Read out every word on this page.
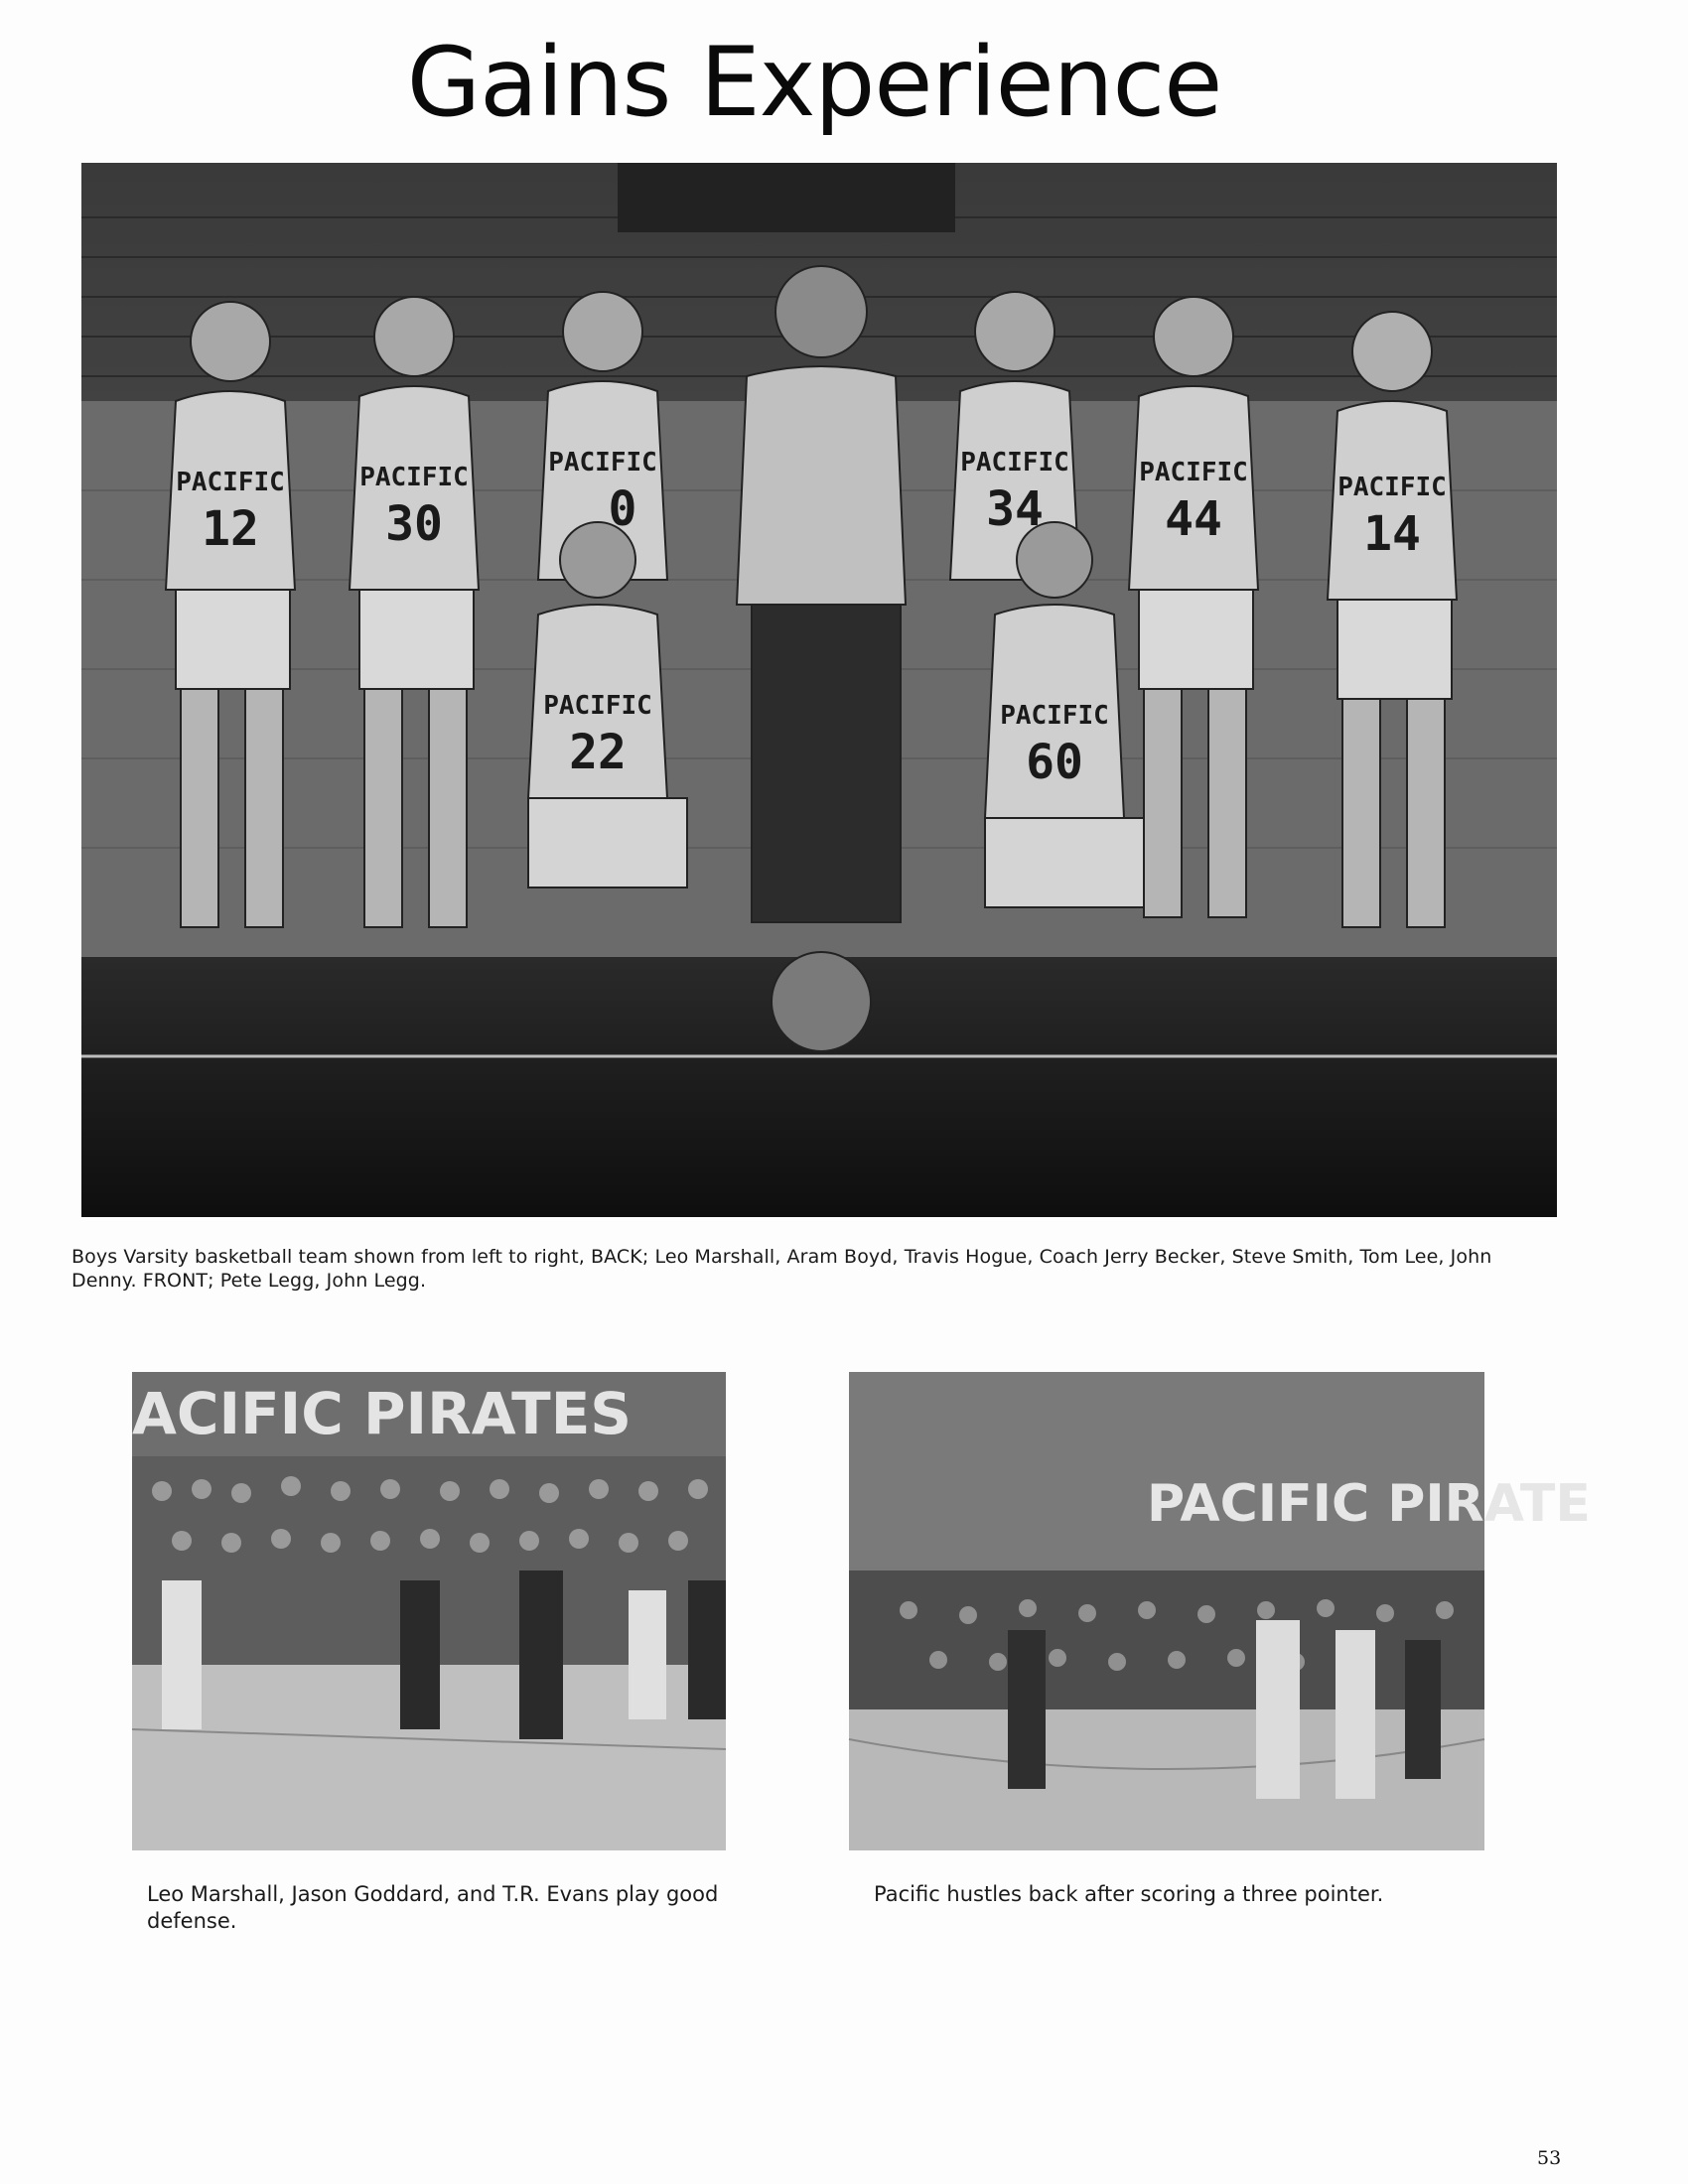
Gains Experience
PACIFIC
12
PACIFIC
30
PACIFIC
0
PACIFIC
34
PACIFIC
44
PACIFIC
14
PACIFIC
22
PACIFIC
60
Boys Varsity basketball team shown from left to right, BACK; Leo Marshall, Aram Boyd, Travis Hogue, Coach Jerry Becker, Steve Smith, Tom Lee, John Denny. FRONT; Pete Legg, John Legg.
ACIFIC PIRATES
Leo Marshall, Jason Goddard, and T.R. Evans play good defense.
PACIFIC PIRATE
Pacific hustles back after scoring a three pointer.
53
